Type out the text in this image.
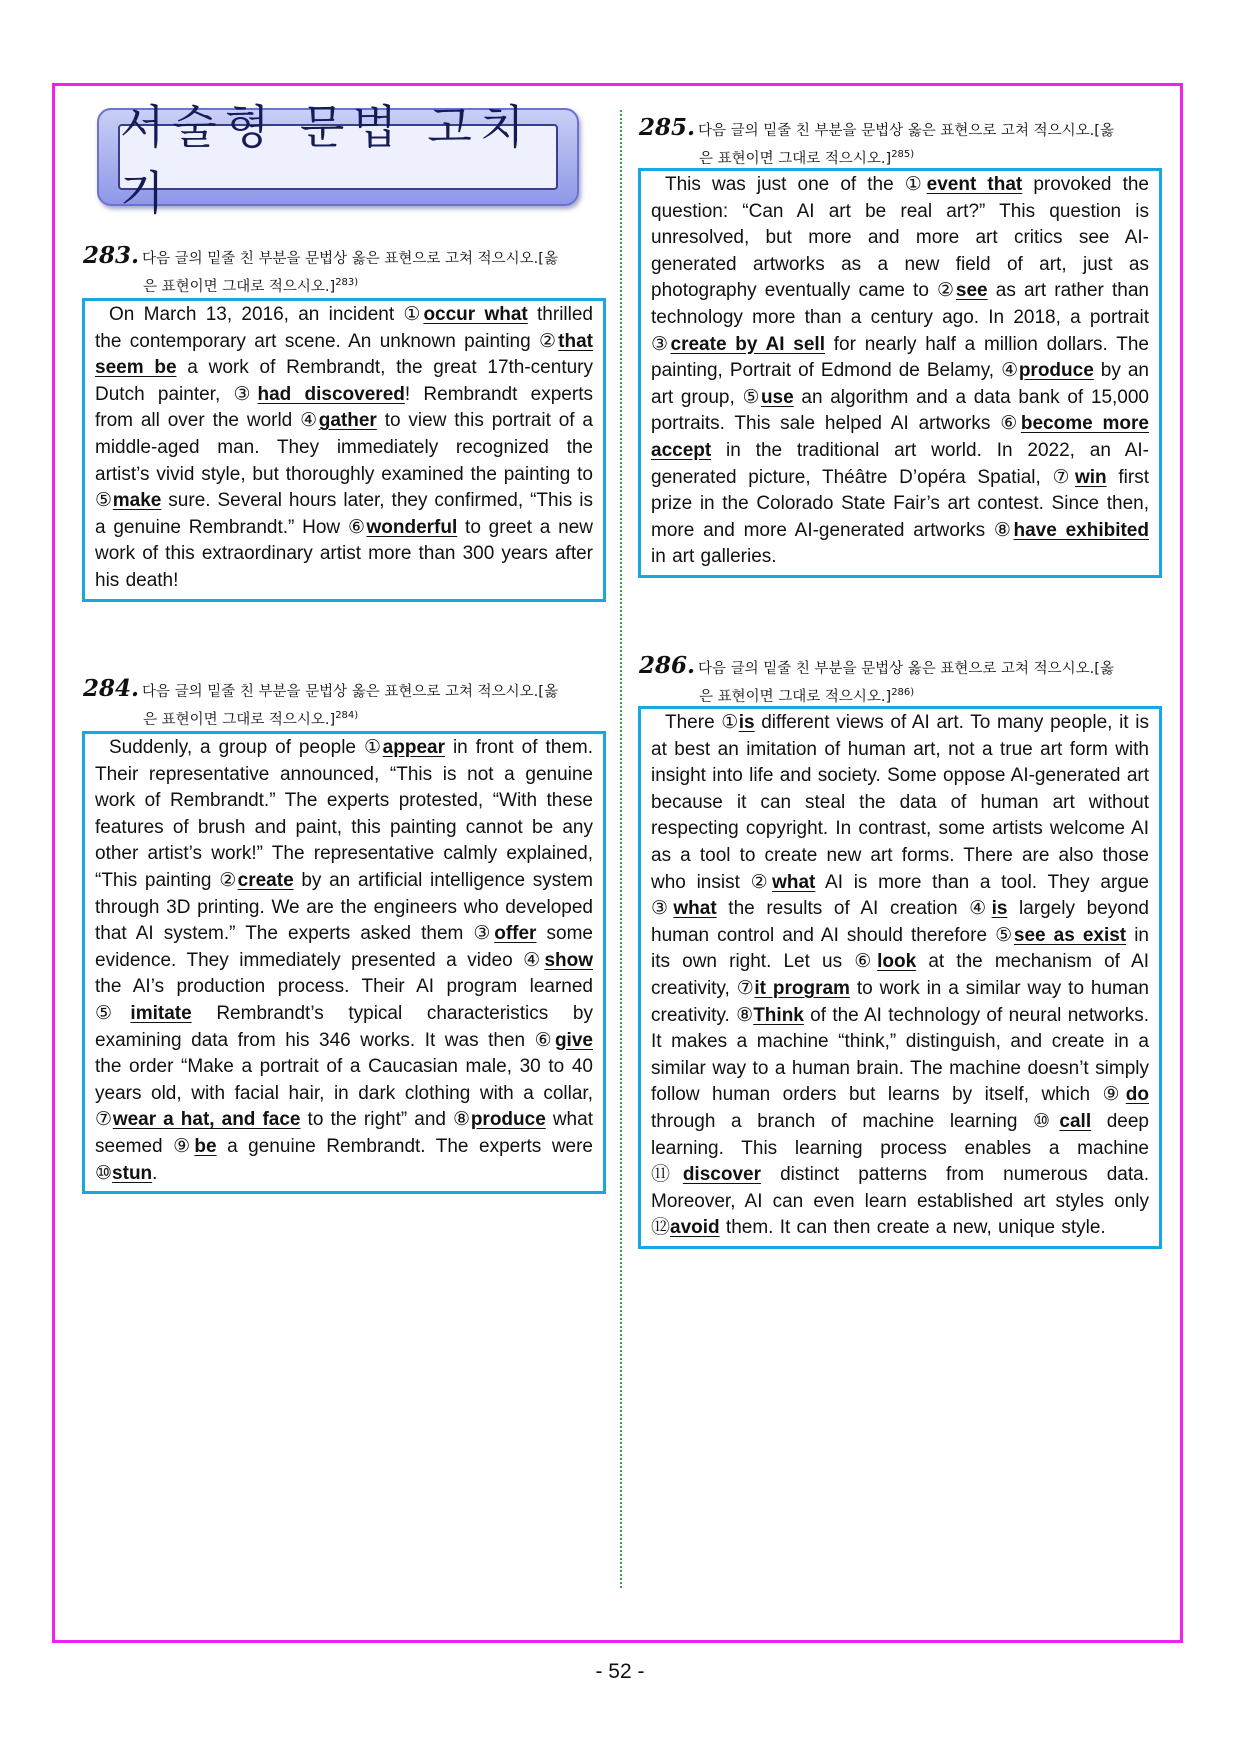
서술형 문법 고치기
283. 다음 글의 밑줄 친 부분을 문법상 옳은 표현으로 고쳐 적으시오.[옳
은 표현이면 그대로 적으시오.]$^{283)}$

On March 13, 2016, an incident ①occur what thrilled the contemporary art scene. An unknown painting ②that seem be a work of Rembrandt, the great 17th-century Dutch painter, ③had discovered! Rembrandt experts from all over the world ④gather to view this portrait of a middle-aged man. They immediately recognized the artist’s vivid style, but thoroughly examined the painting to ⑤make sure. Several hours later, they confirmed, “This is a genuine Rembrandt.” How ⑥wonderful to greet a new work of this extraordinary artist more than 300 years after his death!

284. 다음 글의 밑줄 친 부분을 문법상 옳은 표현으로 고쳐 적으시오.[옳
은 표현이면 그대로 적으시오.]$^{284)}$

Suddenly, a group of people ①appear in front of them. Their representative announced, “This is not a genuine work of Rembrandt.” The experts protested, “With these features of brush and paint, this painting cannot be any other artist’s work!” The representative calmly explained, “This painting ②create by an artificial intelligence system through 3D printing. We are the engineers who developed that AI system.” The experts asked them ③offer some evidence. They immediately presented a video ④show the AI’s production process. Their AI program learned ⑤imitate Rembrandt’s typical characteristics by examining data from his 346 works. It was then ⑥give the order “Make a portrait of a Caucasian male, 30 to 40 years old, with facial hair, in dark clothing with a collar, ⑦wear a hat, and face to the right” and ⑧produce what seemed ⑨be a genuine Rembrandt. The experts were ⑩stun.

285. 다음 글의 밑줄 친 부분을 문법상 옳은 표현으로 고쳐 적으시오.[옳
은 표현이면 그대로 적으시오.]$^{285)}$

This was just one of the ①event that provoked the question: “Can AI art be real art?” This question is unresolved, but more and more art critics see AI-generated artworks as a new field of art, just as photography eventually came to ②see as art rather than technology more than a century ago. In 2018, a portrait ③create by AI sell for nearly half a million dollars. The painting, Portrait of Edmond de Belamy, ④produce by an art group, ⑤use an algorithm and a data bank of 15,000 portraits. This sale helped AI artworks ⑥become more accept in the traditional art world. In 2022, an AI-generated picture, Théâtre D’opéra Spatial, ⑦win first prize in the Colorado State Fair’s art contest. Since then, more and more AI-generated artworks ⑧have exhibited in art galleries.

286. 다음 글의 밑줄 친 부분을 문법상 옳은 표현으로 고쳐 적으시오.[옳
은 표현이면 그대로 적으시오.]$^{286)}$

There ①is different views of AI art. To many people, it is at best an imitation of human art, not a true art form with insight into life and society. Some oppose AI-generated art because it can steal the data of human art without respecting copyright. In contrast, some artists welcome AI as a tool to create new art forms. There are also those who insist ②what AI is more than a tool. They argue ③what the results of AI creation ④is largely beyond human control and AI should therefore ⑤see as exist in its own right. Let us ⑥look at the mechanism of AI creativity, ⑦it program to work in a similar way to human creativity. ⑧Think of the AI technology of neural networks. It makes a machine “think,” distinguish, and create in a similar way to a human brain. The machine doesn’t simply follow human orders but learns by itself, which ⑨do through a branch of machine learning ⑩call deep learning. This learning process enables a machine ⑪discover distinct patterns from numerous data. Moreover, AI can even learn established art styles only ⑫avoid them. It can then create a new, unique style.

- 52 -
